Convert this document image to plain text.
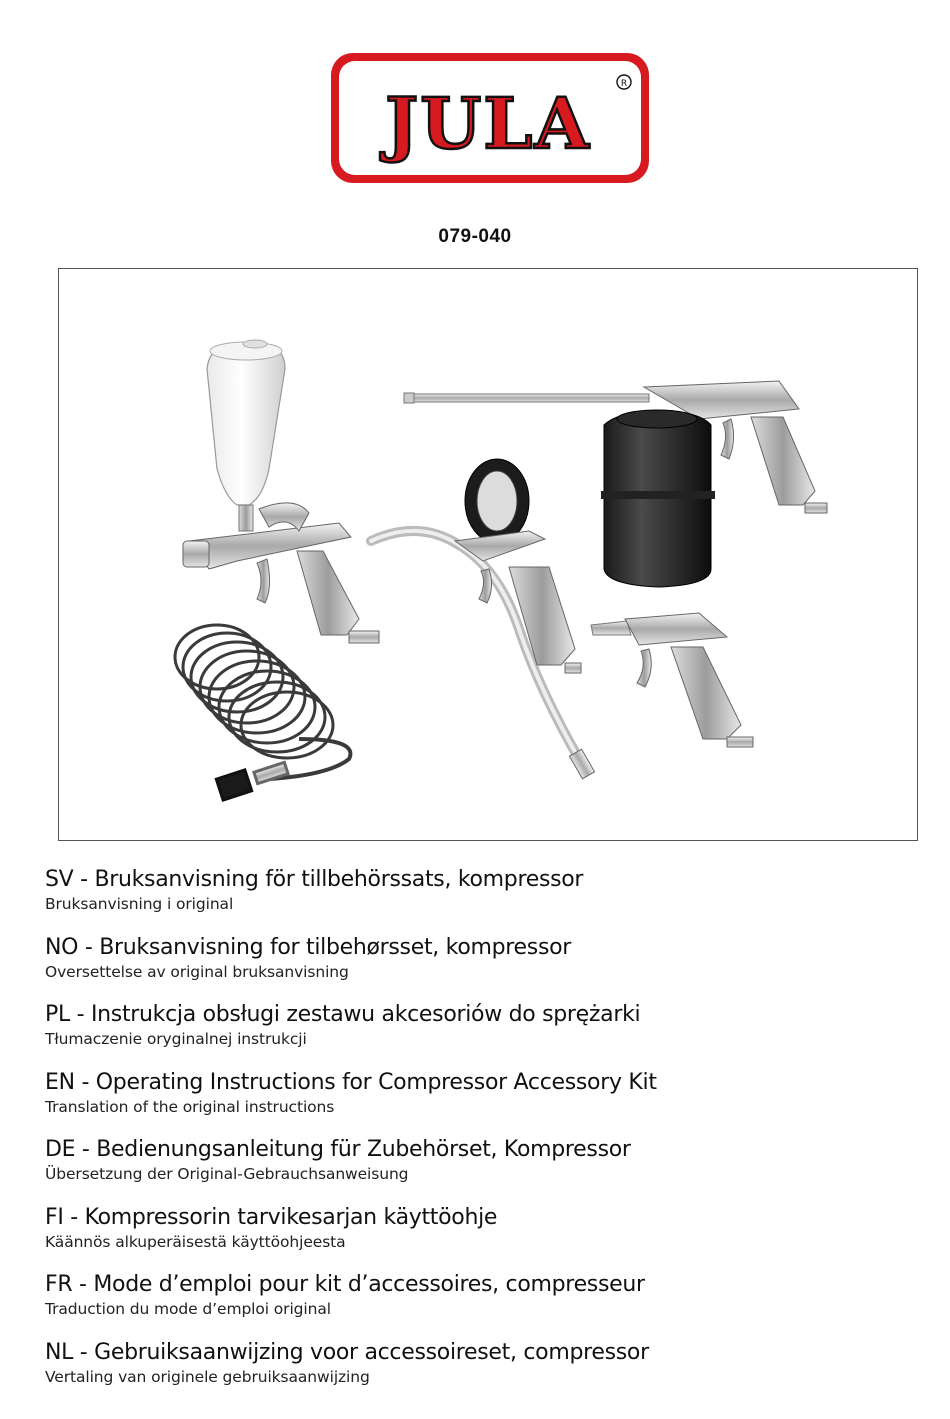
JULA	R
079-040
SV - Bruksanvisning för tillbehörssats, kompressor
Bruksanvisning i original
NO - Bruksanvisning for tilbehørsset, kompressor
Oversettelse av original bruksanvisning
PL - Instrukcja obsługi zestawu akcesoriów do sprężarki
Tłumaczenie oryginalnej instrukcji
EN - Operating Instructions for Compressor Accessory Kit
Translation of the original instructions
DE - Bedienungsanleitung für Zubehörset, Kompressor
Übersetzung der Original-Gebrauchsanweisung
FI - Kompressorin tarvikesarjan käyttöohje
Käännös alkuperäisestä käyttöohjeesta
FR - Mode d’emploi pour kit d’accessoires, compresseur
Traduction du mode d’emploi original
NL - Gebruiksaanwijzing voor accessoireset, compressor
Vertaling van originele gebruiksaanwijzing
